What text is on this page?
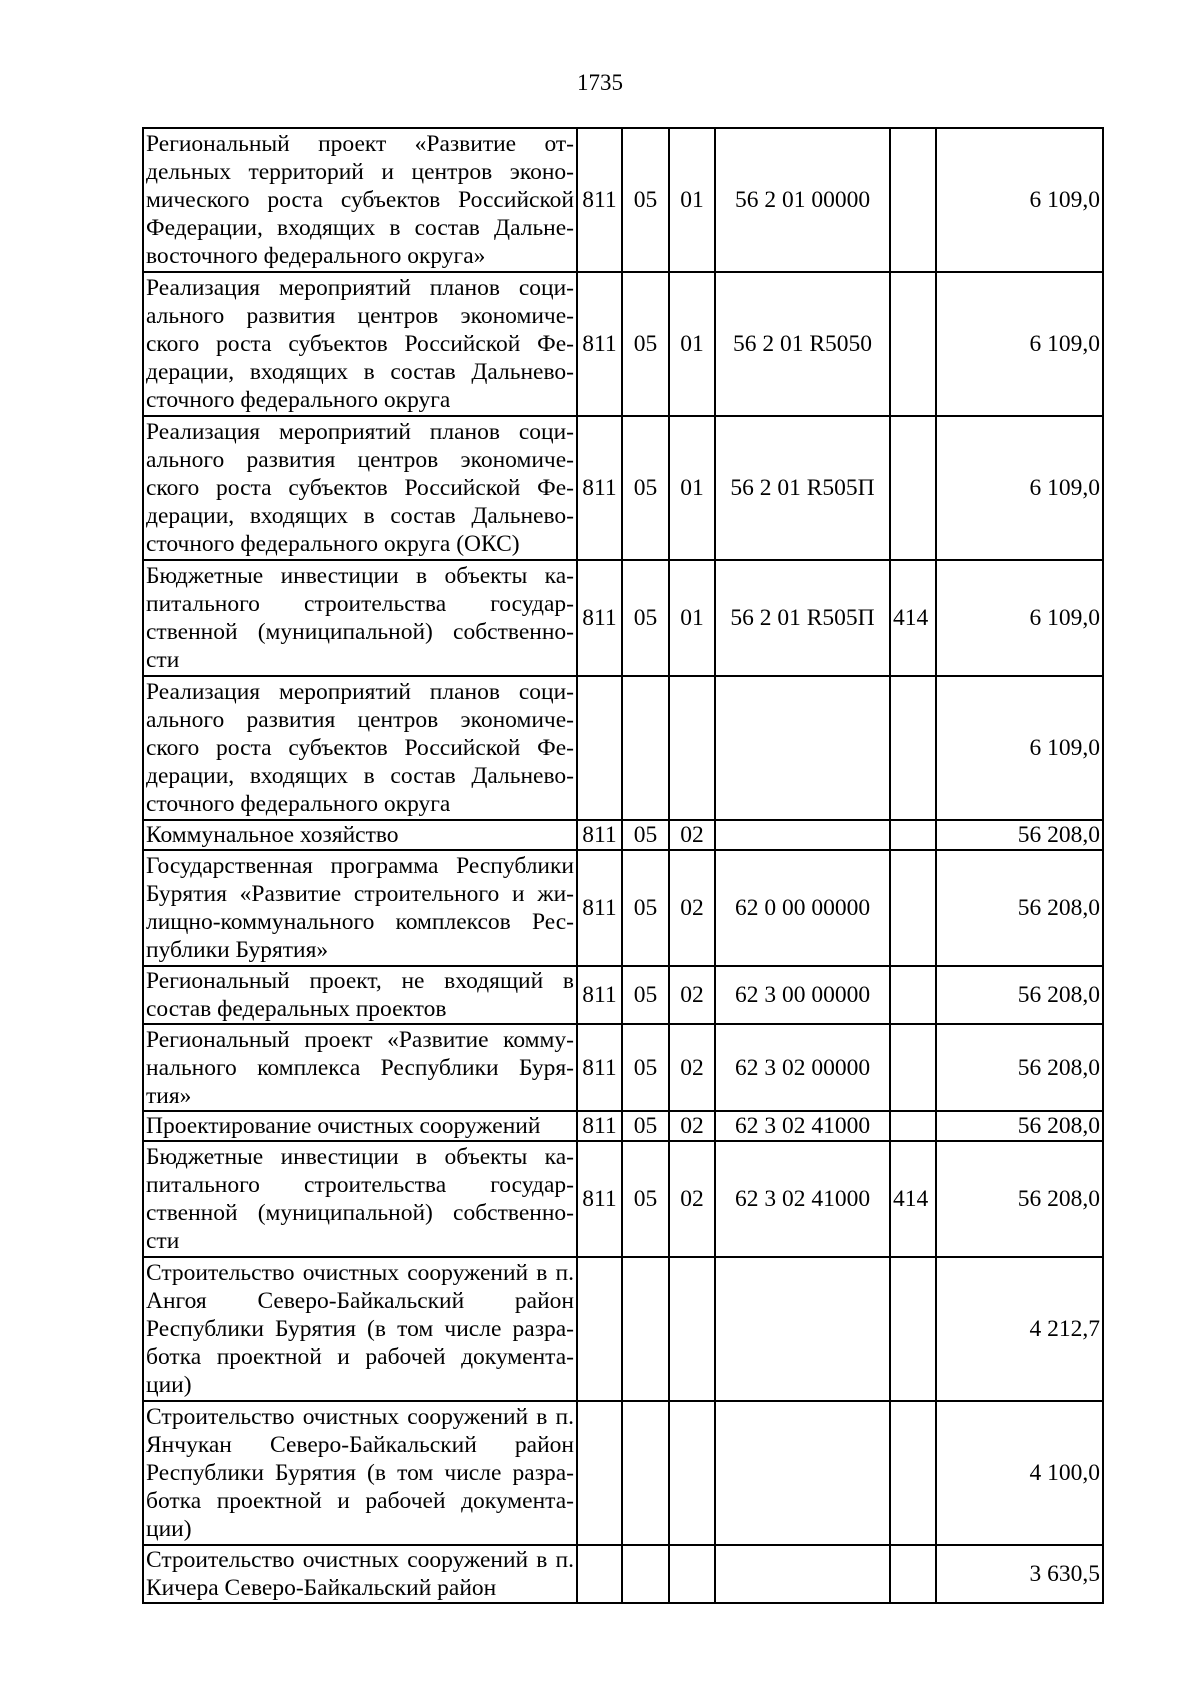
1735
Региональный проект «Развитие от-дельных территорий и центров эконо-мического роста субъектов Российской Федерации, входящих в состав Дальне-восточного федерального округа»	811	05	01	56 2 01 00000		6 109,0
Реализация мероприятий планов соци-ального развития центров экономиче-ского роста субъектов Российской Фе-дерации, входящих в состав Дальнево-сточного федерального округа	811	05	01	56 2 01 R5050		6 109,0
Реализация мероприятий планов соци-ального развития центров экономиче-ского роста субъектов Российской Фе-дерации, входящих в состав Дальнево-сточного федерального округа (ОКС)	811	05	01	56 2 01 R505П		6 109,0
Бюджетные инвестиции в объекты ка-питального строительства государ-ственной (муниципальной) собственно-сти	811	05	01	56 2 01 R505П	414	6 109,0
Реализация мероприятий планов соци-ального развития центров экономиче-ского роста субъектов Российской Фе-дерации, входящих в состав Дальнево-сточного федерального округа						6 109,0
Коммунальное хозяйство	811	05	02			56 208,0
Государственная программа Республики Бурятия «Развитие строительного и жи-лищно-коммунального комплексов Рес-публики Бурятия»	811	05	02	62 0 00 00000		56 208,0
Региональный проект, не входящий в состав федеральных проектов	811	05	02	62 3 00 00000		56 208,0
Региональный проект «Развитие комму-нального комплекса Республики Буря-тия»	811	05	02	62 3 02 00000		56 208,0
Проектирование очистных сооружений	811	05	02	62 3 02 41000		56 208,0
Бюджетные инвестиции в объекты ка-питального строительства государ-ственной (муниципальной) собственно-сти	811	05	02	62 3 02 41000	414	56 208,0
Строительство очистных сооружений в п. Ангоя Северо-Байкальский район Республики Бурятия (в том числе разра-ботка проектной и рабочей документа-ции)						4 212,7
Строительство очистных сооружений в п. Янчукан Северо-Байкальский район Республики Бурятия (в том числе разра-ботка проектной и рабочей документа-ции)						4 100,0
Строительство очистных сооружений в п. Кичера Северо-Байкальский район						3 630,5
